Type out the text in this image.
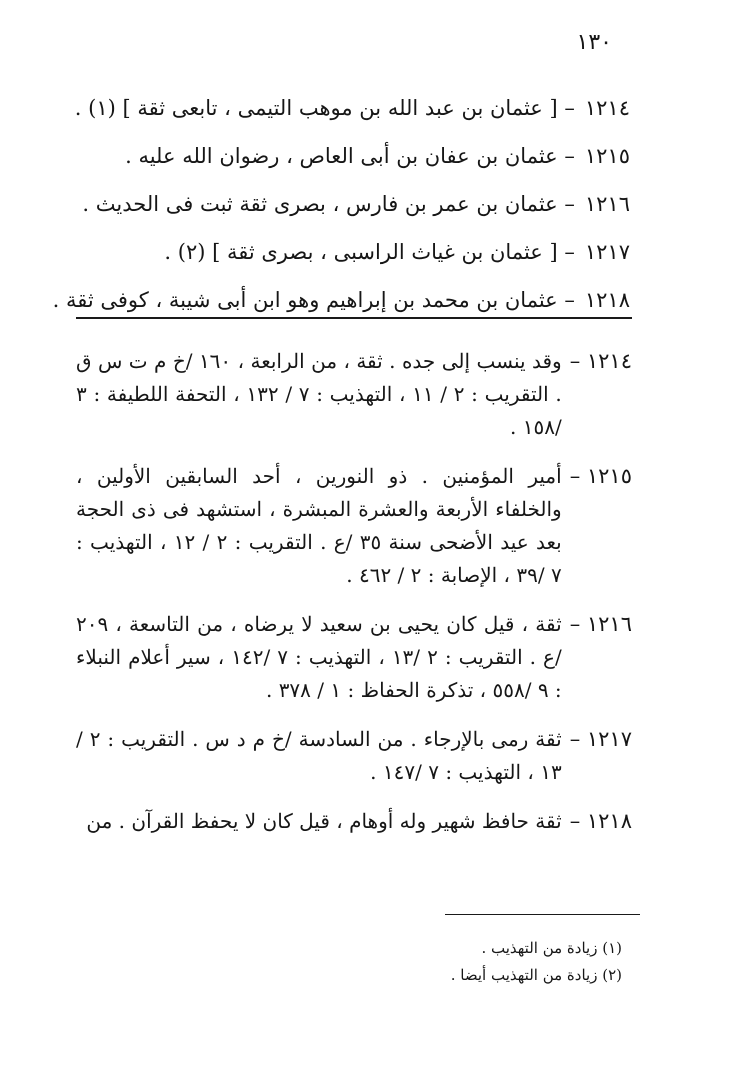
١٣٠
١٢١٤– [ عثمان بن عبد الله بن موهب التيمى ، تابعى ثقة ] (١) .
١٢١٥– عثمان بن عفان بن أبى العاص ، رضوان الله عليه .
١٢١٦– عثمان بن عمر بن فارس ، بصرى ثقة ثبت فى الحديث .
١٢١٧– [ عثمان بن غياث الراسبى ، بصرى ثقة ] (٢) .
١٢١٨– عثمان بن محمد بن إبراهيم وهو ابن أبى شيبة ، كوفى ثقة .
١٢١٤ –
وقد ينسب إلى جده . ثقة ، من الرابعة ، ١٦٠ /خ م ت س ق . التقريب : ٢ / ١١ ، التهذيب : ٧ / ١٣٢ ، التحفة اللطيفة : ٣ /١٥٨ .
١٢١٥ –
أمير المؤمنين . ذو النورين ، أحد السابقين الأولين ، والخلفاء الأربعة والعشرة المبشرة ، استشهد فى ذى الحجة بعد عيد الأضحى سنة ٣٥ /ع . التقريب : ٢ / ١٢ ، التهذيب : ٧ /٣٩ ، الإصابة : ٢ / ٤٦٢ .
١٢١٦ –
ثقة ، قيل كان يحيى بن سعيد لا يرضاه ، من التاسعة ، ٢٠٩ /ع . التقريب : ٢ /١٣ ، التهذيب : ٧ /١٤٢ ، سير أعلام النبلاء : ٩ /٥٥٨ ، تذكرة الحفاظ : ١ / ٣٧٨ .
١٢١٧ –
ثقة رمى بالإرجاء . من السادسة /خ م د س . التقريب : ٢ /١٣ ، التهذيب : ٧ /١٤٧ .
١٢١٨ –
ثقة حافظ شهير وله أوهام ، قيل كان لا يحفظ القرآن . من
(١) زيادة من التهذيب .
(٢) زيادة من التهذيب أيضا .
